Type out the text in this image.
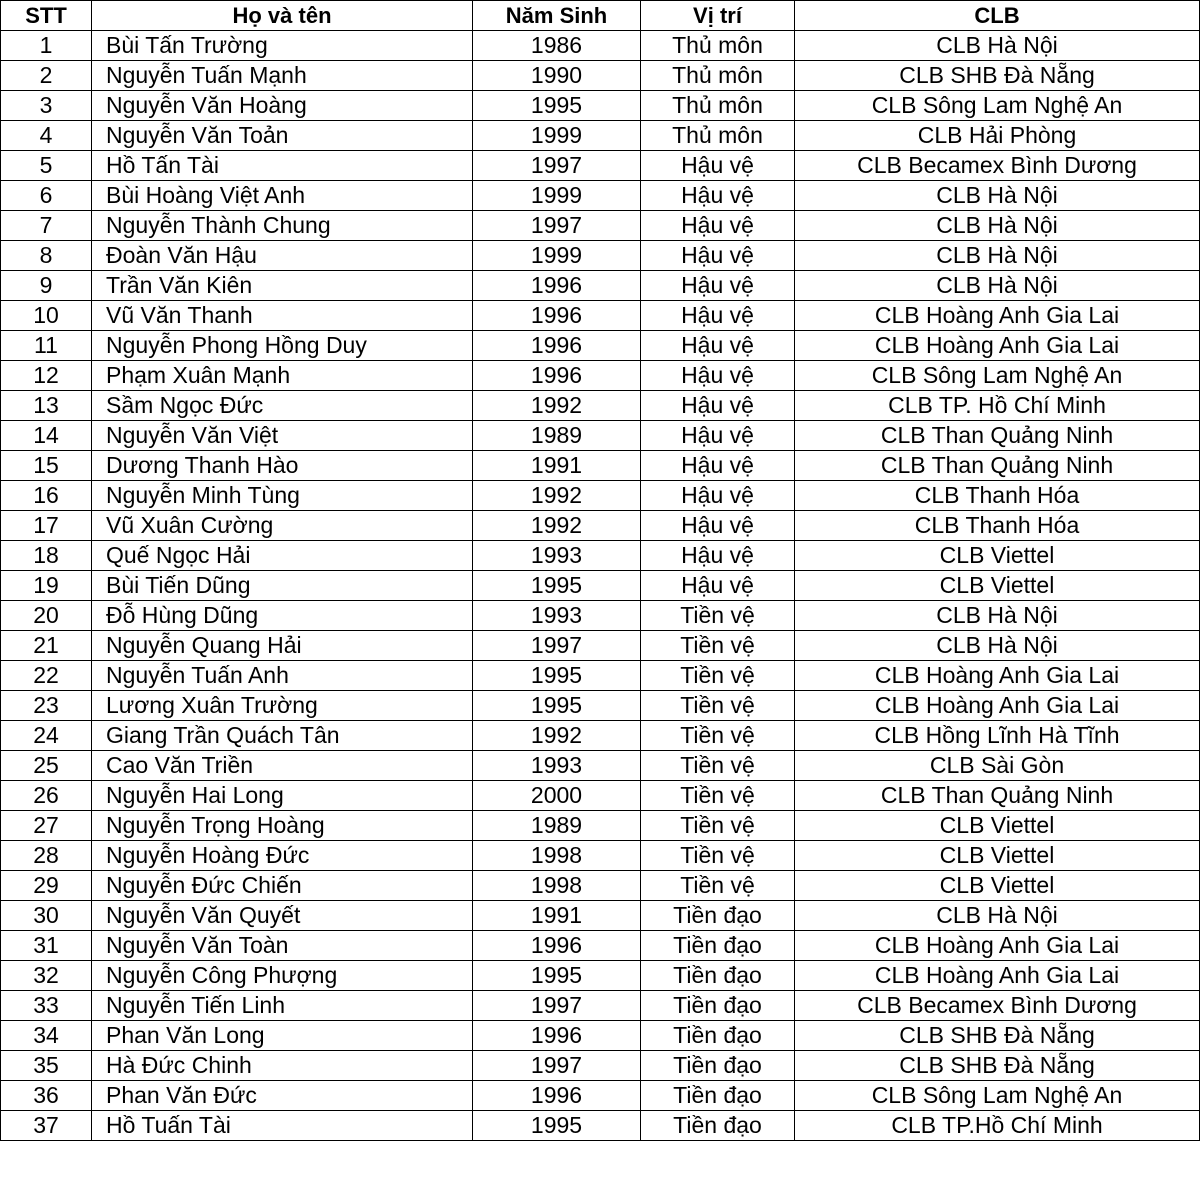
STT	Họ và tên	Năm Sinh	Vị trí	CLB
1	Bùi Tấn Trường	1986	Thủ môn	CLB Hà Nội
2	Nguyễn Tuấn Mạnh	1990	Thủ môn	CLB SHB Đà Nẵng
3	Nguyễn Văn Hoàng	1995	Thủ môn	CLB Sông Lam Nghệ An
4	Nguyễn Văn Toản	1999	Thủ môn	CLB Hải Phòng
5	Hồ Tấn Tài	1997	Hậu vệ	CLB Becamex Bình Dương
6	Bùi Hoàng Việt Anh	1999	Hậu vệ	CLB Hà Nội
7	Nguyễn Thành Chung	1997	Hậu vệ	CLB Hà Nội
8	Đoàn Văn Hậu	1999	Hậu vệ	CLB Hà Nội
9	Trần Văn Kiên	1996	Hậu vệ	CLB Hà Nội
10	Vũ Văn Thanh	1996	Hậu vệ	CLB Hoàng Anh Gia Lai
11	Nguyễn Phong Hồng Duy	1996	Hậu vệ	CLB Hoàng Anh Gia Lai
12	Phạm Xuân Mạnh	1996	Hậu vệ	CLB Sông Lam Nghệ An
13	Sầm Ngọc Đức	1992	Hậu vệ	CLB TP. Hồ Chí Minh
14	Nguyễn Văn Việt	1989	Hậu vệ	CLB Than Quảng Ninh
15	Dương Thanh Hào	1991	Hậu vệ	CLB Than Quảng Ninh
16	Nguyễn Minh Tùng	1992	Hậu vệ	CLB Thanh Hóa
17	Vũ Xuân Cường	1992	Hậu vệ	CLB Thanh Hóa
18	Quế Ngọc Hải	1993	Hậu vệ	CLB Viettel
19	Bùi Tiến Dũng	1995	Hậu vệ	CLB Viettel
20	Đỗ Hùng Dũng	1993	Tiền vệ	CLB Hà Nội
21	Nguyễn Quang Hải	1997	Tiền vệ	CLB Hà Nội
22	Nguyễn Tuấn Anh	1995	Tiền vệ	CLB Hoàng Anh Gia Lai
23	Lương Xuân Trường	1995	Tiền vệ	CLB Hoàng Anh Gia Lai
24	Giang Trần Quách Tân	1992	Tiền vệ	CLB Hồng Lĩnh Hà Tĩnh
25	Cao Văn Triền	1993	Tiền vệ	CLB Sài Gòn
26	Nguyễn Hai Long	2000	Tiền vệ	CLB Than Quảng Ninh
27	Nguyễn Trọng Hoàng	1989	Tiền vệ	CLB Viettel
28	Nguyễn Hoàng Đức	1998	Tiền vệ	CLB Viettel
29	Nguyễn Đức Chiến	1998	Tiền vệ	CLB Viettel
30	Nguyễn Văn Quyết	1991	Tiền đạo	CLB Hà Nội
31	Nguyễn Văn Toàn	1996	Tiền đạo	CLB Hoàng Anh Gia Lai
32	Nguyễn Công Phượng	1995	Tiền đạo	CLB Hoàng Anh Gia Lai
33	Nguyễn Tiến Linh	1997	Tiền đạo	CLB Becamex Bình Dương
34	Phan Văn Long	1996	Tiền đạo	CLB SHB Đà Nẵng
35	Hà Đức Chinh	1997	Tiền đạo	CLB SHB Đà Nẵng
36	Phan Văn Đức	1996	Tiền đạo	CLB Sông Lam Nghệ An
37	Hồ Tuấn Tài	1995	Tiền đạo	CLB TP.Hồ Chí Minh
